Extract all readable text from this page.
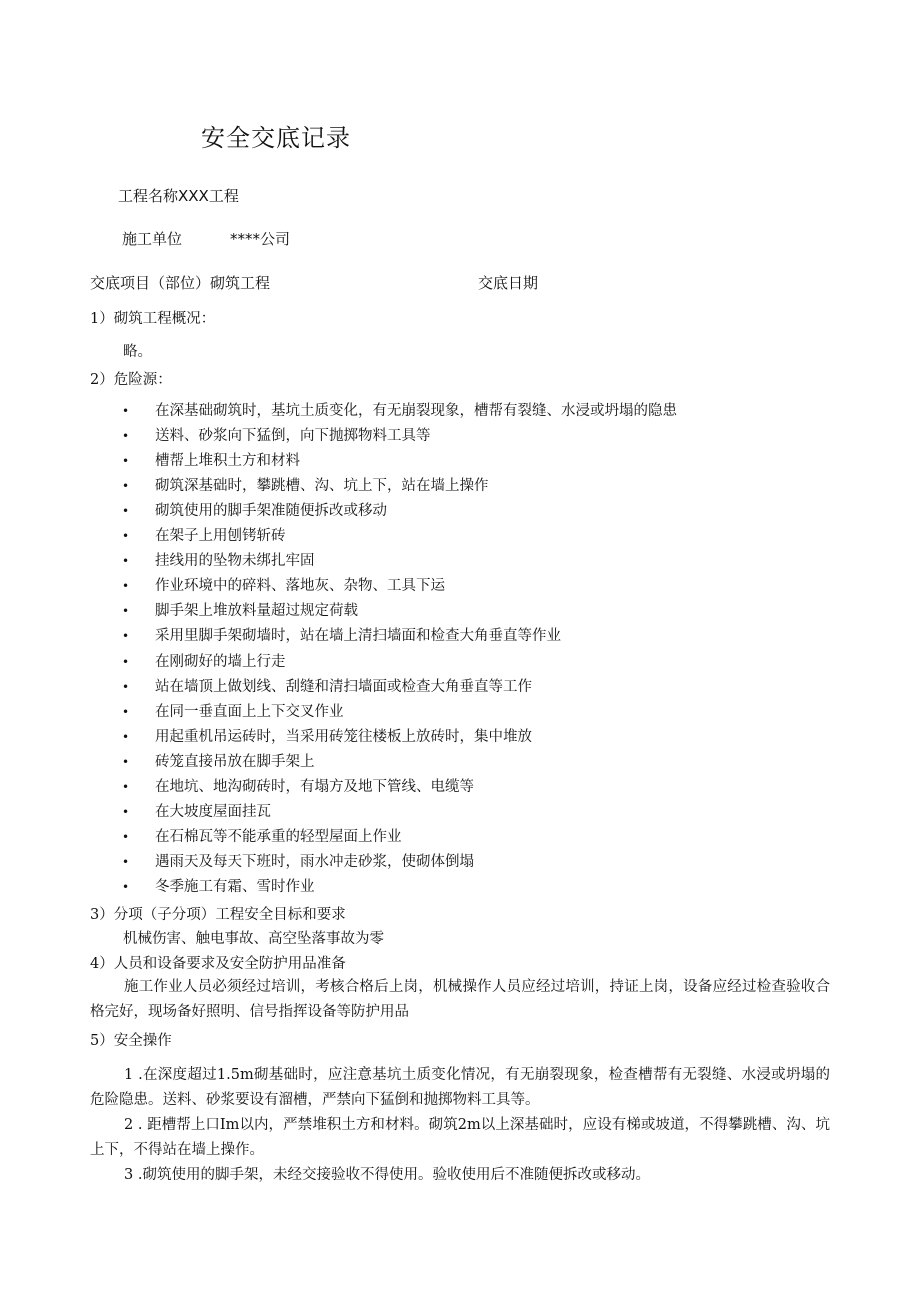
安全交底记录
工程名称XXX工程
施工单位	****公司
交底项目（部位）砌筑工程	交底日期
1）砌筑工程概况：
略。
2）危险源：
• 在深基础砌筑时，基坑土质变化，有无崩裂现象，槽帮有裂缝、水浸或坍塌的隐患
• 送料、砂浆向下猛倒，向下抛掷物料工具等
• 槽帮上堆积土方和材料
• 砌筑深基础时，攀跳槽、沟、坑上下，站在墙上操作
• 砌筑使用的脚手架准随便拆改或移动
• 在架子上用刨铐斩砖
• 挂线用的坠物未绑扎牢固
• 作业环境中的碎料、落地灰、杂物、工具下运
• 脚手架上堆放料量超过规定荷载
• 采用里脚手架砌墙时，站在墙上清扫墙面和检查大角垂直等作业
• 在刚砌好的墙上行走
• 站在墙顶上做划线、刮缝和清扫墙面或检查大角垂直等工作
• 在同一垂直面上上下交叉作业
• 用起重机吊运砖时，当采用砖笼往楼板上放砖时，集中堆放
• 砖笼直接吊放在脚手架上
• 在地坑、地沟砌砖时，有塌方及地下管线、电缆等
• 在大坡度屋面挂瓦
• 在石棉瓦等不能承重的轻型屋面上作业
• 遇雨天及每天下班时，雨水冲走砂浆，使砌体倒塌
• 冬季施工有霜、雪时作业
3）分项（子分项）工程安全目标和要求
机械伤害、触电事故、高空坠落事故为零
4）人员和设备要求及安全防护用品准备
施工作业人员必须经过培训，考核合格后上岗，机械操作人员应经过培训，持证上岗，设备应经过检查验收合格完好，现场备好照明、信号指挥设备等防护用品
5）安全操作
1 .在深度超过1.5m砌基础时，应注意基坑土质变化情况，有无崩裂现象，检查槽帮有无裂缝、水浸或坍塌的危险隐患。送料、砂浆要设有溜槽，严禁向下猛倒和抛掷物料工具等。
2 . 距槽帮上口Im以内，严禁堆积土方和材料。砌筑2m以上深基础时，应设有梯或坡道，不得攀跳槽、沟、坑上下，不得站在墙上操作。
3 .砌筑使用的脚手架，未经交接验收不得使用。验收使用后不准随便拆改或移动。
